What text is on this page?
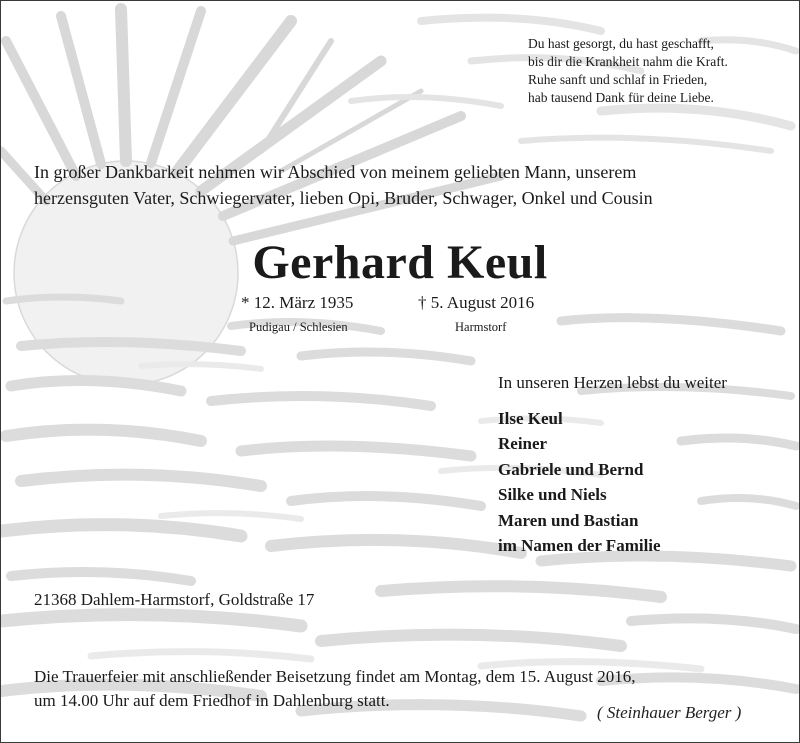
Du hast gesorgt, du hast geschafft,
bis dir die Krankheit nahm die Kraft.
Ruhe sanft und schlaf in Frieden,
hab tausend Dank für deine Liebe.
In großer Dankbarkeit nehmen wir Abschied von meinem geliebten Mann, unserem
herzensguten Vater, Schwiegervater, lieben Opi, Bruder, Schwager, Onkel und Cousin
Gerhard Keul
* 12. März 1935	† 5. August 2016
Pudigau / Schlesien	Harmstorf
In unseren Herzen lebst du weiter
Ilse Keul
Reiner
Gabriele und Bernd
Silke und Niels
Maren und Bastian
im Namen der Familie
21368 Dahlem-Harmstorf, Goldstraße 17
Die Trauerfeier mit anschließender Beisetzung findet am Montag, dem 15. August 2016,
um 14.00 Uhr auf dem Friedhof in Dahlenburg statt.
( Steinhauer Berger )
